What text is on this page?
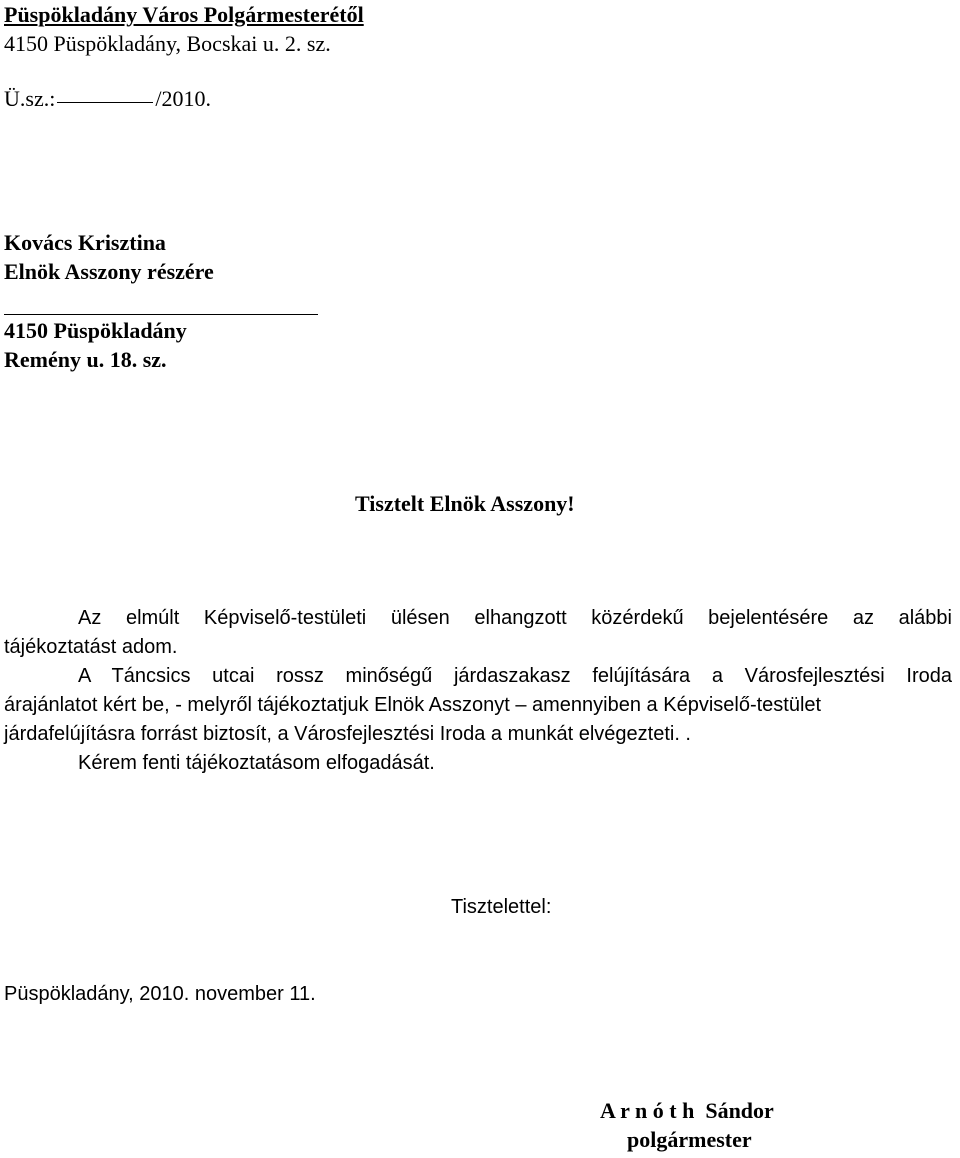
Püspökladány Város Polgármesterétől
4150 Püspökladány, Bocskai u. 2. sz.
Ü.sz.:	/2010.
Kovács Krisztina
Elnök Asszony részére
4150 Püspökladány
Remény u. 18. sz.
Tisztelt Elnök Asszony!
Az elmúlt Képviselő-testületi ülésen elhangzott közérdekű bejelentésére az alábbi
tájékoztatást adom.
A Táncsics utcai rossz minőségű járdaszakasz felújítására a Városfejlesztési Iroda
árajánlatot kért be, - melyről tájékoztatjuk Elnök Asszonyt – amennyiben a Képviselő-testület
járdafelújításra forrást biztosít, a Városfejlesztési Iroda a munkát elvégezteti. .
Kérem fenti tájékoztatásom elfogadását.
Tisztelettel:
Püspökladány, 2010. november 11.
A r n ó t h  Sándor
polgármester
